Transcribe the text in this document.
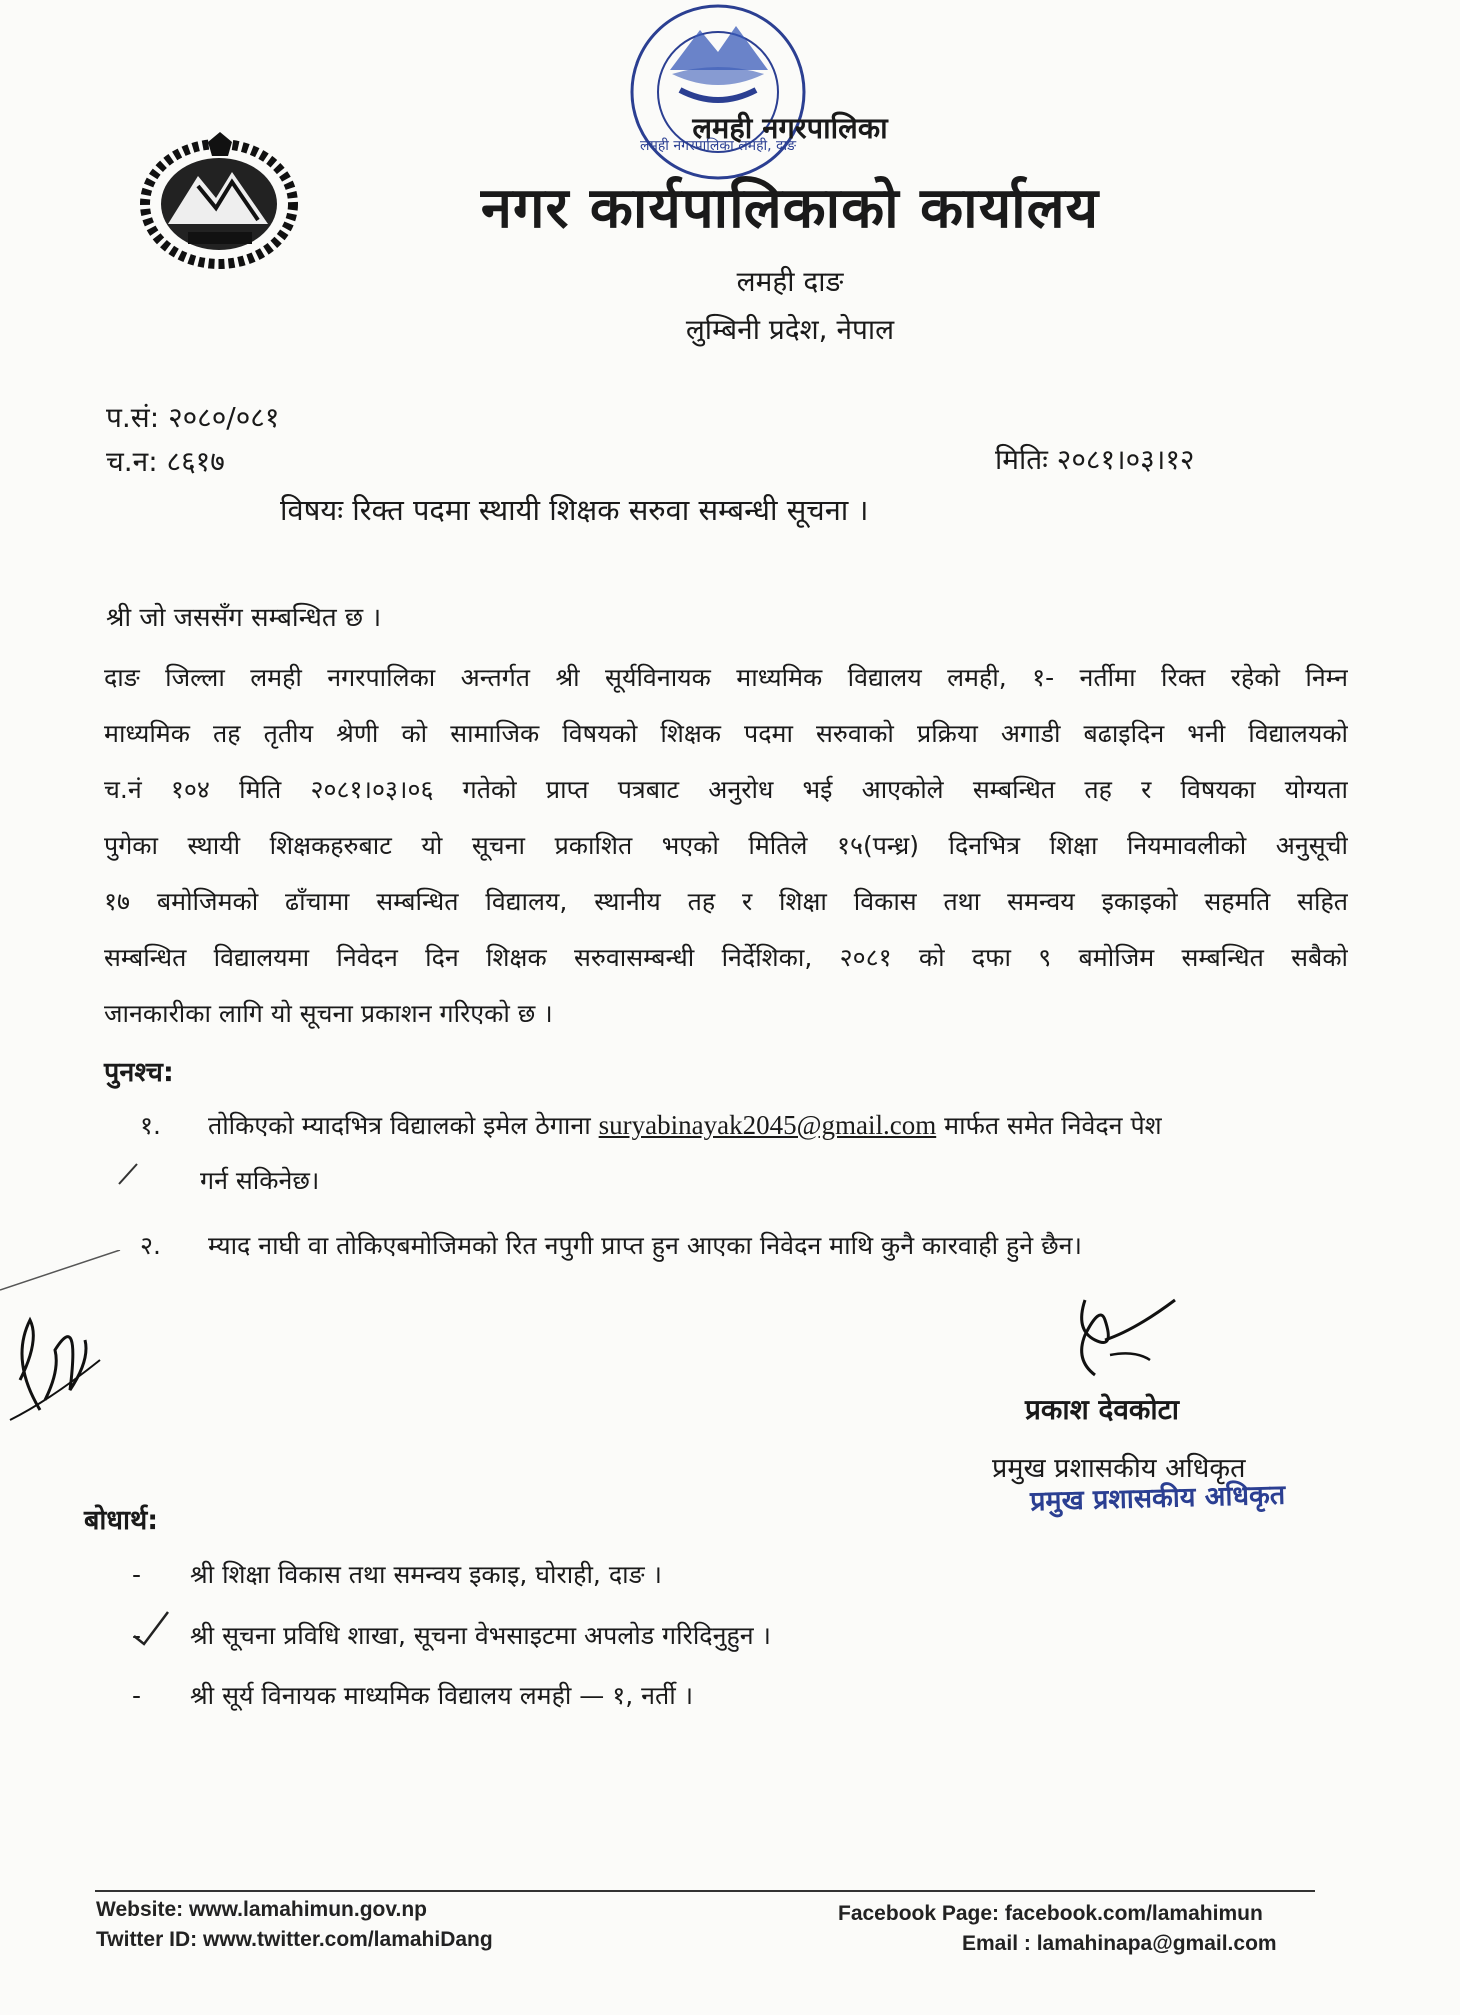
लमही नगरपालिका लमही, दाङ
लमही नगरपालिका
नगर कार्यपालिकाको कार्यालय
लमही दाङ
लुम्बिनी प्रदेश, नेपाल
प.सं: २०८०/०८१
च.न: ८६१७	मितिः २०८१।०३।१२
विषयः रिक्त पदमा स्थायी शिक्षक सरुवा सम्बन्धी सूचना ।
श्री जो जससँग सम्बन्धित छ ।
दाङ जिल्ला लमही नगरपालिका अन्तर्गत श्री सूर्यविनायक माध्यमिक विद्यालय लमही, १- नर्तीमा रिक्त रहेको निम्न
माध्यमिक तह तृतीय श्रेणी को सामाजिक विषयको शिक्षक पदमा सरुवाको प्रक्रिया अगाडी बढाइदिन भनी विद्यालयको
च.नं १०४ मिति २०८१।०३।०६ गतेको प्राप्त पत्रबाट अनुरोध भई आएकोले सम्बन्धित तह र विषयका योग्यता
पुगेका स्थायी शिक्षकहरुबाट यो सूचना प्रकाशित भएको मितिले १५(पन्ध्र) दिनभित्र शिक्षा नियमावलीको अनुसूची
१७ बमोजिमको ढाँचामा सम्बन्धित विद्यालय, स्थानीय तह र शिक्षा विकास तथा समन्वय इकाइको सहमति सहित
सम्बन्धित विद्यालयमा निवेदन दिन शिक्षक सरुवासम्बन्धी निर्देशिका, २०८१ को दफा ९ बमोजिम सम्बन्धित सबैको
जानकारीका लागि यो सूचना प्रकाशन गरिएको छ ।
पुनश्च:
१. तोकिएको म्यादभित्र विद्यालको इमेल ठेगाना suryabinayak2045@gmail.com मार्फत समेत निवेदन पेश
गर्न सकिनेछ।
२. म्याद नाघी वा तोकिएबमोजिमको रित नपुगी प्राप्त हुन आएका निवेदन माथि कुनै कारवाही हुने छैन।
प्रकाश देवकोटा
प्रमुख प्रशासकीय अधिकृत
प्रमुख प्रशासकीय अधिकृत
बोधार्थ:
- श्री शिक्षा विकास तथा समन्वय इकाइ, घोराही, दाङ ।
- श्री सूचना प्रविधि शाखा, सूचना वेभसाइटमा अपलोड गरिदिनुहुन ।
- श्री सूर्य विनायक माध्यमिक विद्यालय लमही — १, नर्ती ।
Website: www.lamahimun.gov.np
Twitter ID: www.twitter.com/lamahiDang
Facebook Page: facebook.com/lamahimun
Email : lamahinapa@gmail.com
